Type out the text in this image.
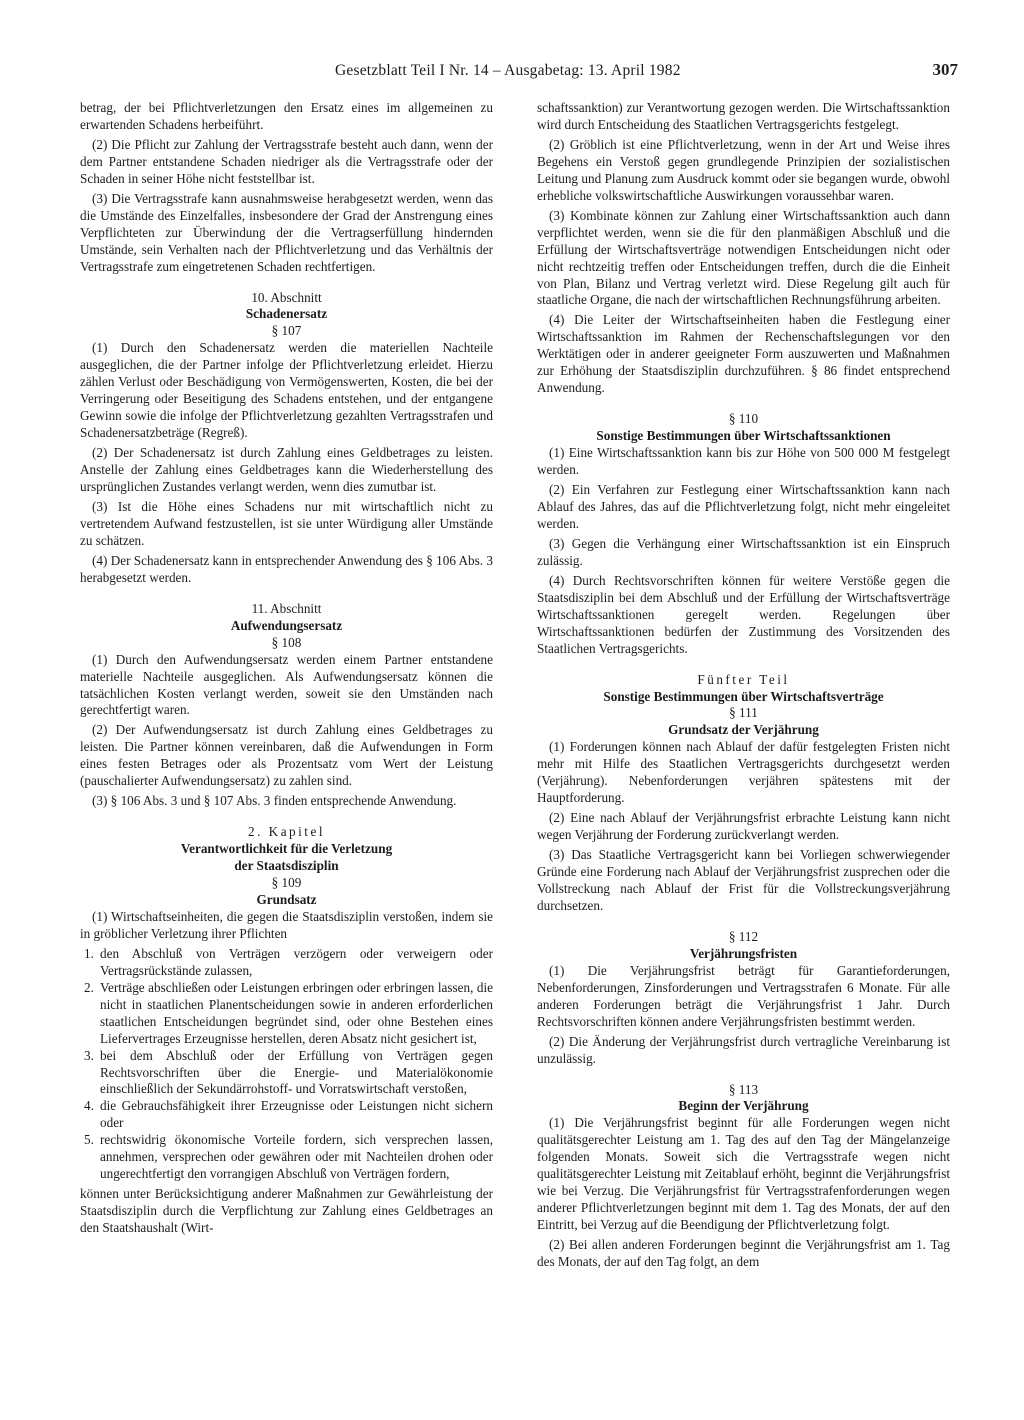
Gesetzblatt Teil I Nr. 14 – Ausgabetag: 13. April 1982	307

betrag, der bei Pflichtverletzungen den Ersatz eines im allgemeinen zu erwartenden Schadens herbeiführt.

(2) Die Pflicht zur Zahlung der Vertragsstrafe besteht auch dann, wenn der dem Partner entstandene Schaden niedriger als die Vertragsstrafe oder der Schaden in seiner Höhe nicht feststellbar ist.

(3) Die Vertragsstrafe kann ausnahmsweise herabgesetzt werden, wenn das die Umstände des Einzelfalles, insbesondere der Grad der Anstrengung eines Verpflichteten zur Überwindung der die Vertragserfüllung hindernden Umstände, sein Verhalten nach der Pflichtverletzung und das Verhältnis der Vertragsstrafe zum eingetretenen Schaden rechtfertigen.

10. Abschnitt

Schadenersatz

§ 107

(1) Durch den Schadenersatz werden die materiellen Nachteile ausgeglichen, die der Partner infolge der Pflichtverletzung erleidet. Hierzu zählen Verlust oder Beschädigung von Vermögenswerten, Kosten, die bei der Verringerung oder Beseitigung des Schadens entstehen, und der entgangene Gewinn sowie die infolge der Pflichtverletzung gezahlten Vertragsstrafen und Schadenersatzbeträge (Regreß).

(2) Der Schadenersatz ist durch Zahlung eines Geldbetrages zu leisten. Anstelle der Zahlung eines Geldbetrages kann die Wiederherstellung des ursprünglichen Zustandes verlangt werden, wenn dies zumutbar ist.

(3) Ist die Höhe eines Schadens nur mit wirtschaftlich nicht zu vertretendem Aufwand festzustellen, ist sie unter Würdigung aller Umstände zu schätzen.

(4) Der Schadenersatz kann in entsprechender Anwendung des § 106 Abs. 3 herabgesetzt werden.

11. Abschnitt

Aufwendungsersatz

§ 108

(1) Durch den Aufwendungsersatz werden einem Partner entstandene materielle Nachteile ausgeglichen. Als Aufwendungsersatz können die tatsächlichen Kosten verlangt werden, soweit sie den Umständen nach gerechtfertigt waren.

(2) Der Aufwendungsersatz ist durch Zahlung eines Geldbetrages zu leisten. Die Partner können vereinbaren, daß die Aufwendungen in Form eines festen Betrages oder als Prozentsatz vom Wert der Leistung (pauschalierter Aufwendungsersatz) zu zahlen sind.

(3) § 106 Abs. 3 und § 107 Abs. 3 finden entsprechende Anwendung.

2. Kapitel

Verantwortlichkeit für die Verletzung

der Staatsdisziplin

§ 109

Grundsatz

(1) Wirtschaftseinheiten, die gegen die Staatsdisziplin verstoßen, indem sie in gröblicher Verletzung ihrer Pflichten

1. den Abschluß von Verträgen verzögern oder verweigern oder Vertragsrückstände zulassen,
2. Verträge abschließen oder Leistungen erbringen oder erbringen lassen, die nicht in staatlichen Planentscheidungen sowie in anderen erforderlichen staatlichen Entscheidungen begründet sind, oder ohne Bestehen eines Liefervertrages Erzeugnisse herstellen, deren Absatz nicht gesichert ist,
3. bei dem Abschluß oder der Erfüllung von Verträgen gegen Rechtsvorschriften über die Energie- und Materialökonomie einschließlich der Sekundärrohstoff- und Vorratswirtschaft verstoßen,
4. die Gebrauchsfähigkeit ihrer Erzeugnisse oder Leistungen nicht sichern oder
5. rechtswidrig ökonomische Vorteile fordern, sich versprechen lassen, annehmen, versprechen oder gewähren oder mit Nachteilen drohen oder ungerechtfertigt den vorrangigen Abschluß von Verträgen fordern,

können unter Berücksichtigung anderer Maßnahmen zur Gewährleistung der Staatsdisziplin durch die Verpflichtung zur Zahlung eines Geldbetrages an den Staatshaushalt (Wirt-

schaftssanktion) zur Verantwortung gezogen werden. Die Wirtschaftssanktion wird durch Entscheidung des Staatlichen Vertragsgerichts festgelegt.

(2) Gröblich ist eine Pflichtverletzung, wenn in der Art und Weise ihres Begehens ein Verstoß gegen grundlegende Prinzipien der sozialistischen Leitung und Planung zum Ausdruck kommt oder sie begangen wurde, obwohl erhebliche volkswirtschaftliche Auswirkungen voraussehbar waren.

(3) Kombinate können zur Zahlung einer Wirtschaftssanktion auch dann verpflichtet werden, wenn sie die für den planmäßigen Abschluß und die Erfüllung der Wirtschaftsverträge notwendigen Entscheidungen nicht oder nicht rechtzeitig treffen oder Entscheidungen treffen, durch die die Einheit von Plan, Bilanz und Vertrag verletzt wird. Diese Regelung gilt auch für staatliche Organe, die nach der wirtschaftlichen Rechnungsführung arbeiten.

(4) Die Leiter der Wirtschaftseinheiten haben die Festlegung einer Wirtschaftssanktion im Rahmen der Rechenschaftslegungen vor den Werktätigen oder in anderer geeigneter Form auszuwerten und Maßnahmen zur Erhöhung der Staatsdisziplin durchzuführen. § 86 findet entsprechend Anwendung.

§ 110

Sonstige Bestimmungen über Wirtschaftssanktionen

(1) Eine Wirtschaftssanktion kann bis zur Höhe von 500 000 M festgelegt werden.

(2) Ein Verfahren zur Festlegung einer Wirtschaftssanktion kann nach Ablauf des Jahres, das auf die Pflichtverletzung folgt, nicht mehr eingeleitet werden.

(3) Gegen die Verhängung einer Wirtschaftssanktion ist ein Einspruch zulässig.

(4) Durch Rechtsvorschriften können für weitere Verstöße gegen die Staatsdisziplin bei dem Abschluß und der Erfüllung der Wirtschaftsverträge Wirtschaftssanktionen geregelt werden. Regelungen über Wirtschaftssanktionen bedürfen der Zustimmung des Vorsitzenden des Staatlichen Vertragsgerichts.

Fünfter Teil

Sonstige Bestimmungen über Wirtschaftsverträge

§ 111

Grundsatz der Verjährung

(1) Forderungen können nach Ablauf der dafür festgelegten Fristen nicht mehr mit Hilfe des Staatlichen Vertragsgerichts durchgesetzt werden (Verjährung). Nebenforderungen verjähren spätestens mit der Hauptforderung.

(2) Eine nach Ablauf der Verjährungsfrist erbrachte Leistung kann nicht wegen Verjährung der Forderung zurückverlangt werden.

(3) Das Staatliche Vertragsgericht kann bei Vorliegen schwerwiegender Gründe eine Forderung nach Ablauf der Verjährungsfrist zusprechen oder die Vollstreckung nach Ablauf der Frist für die Vollstreckungsverjährung durchsetzen.

§ 112

Verjährungsfristen

(1) Die Verjährungsfrist beträgt für Garantieforderungen, Nebenforderungen, Zinsforderungen und Vertragsstrafen 6 Monate. Für alle anderen Forderungen beträgt die Verjährungsfrist 1 Jahr. Durch Rechtsvorschriften können andere Verjährungsfristen bestimmt werden.

(2) Die Änderung der Verjährungsfrist durch vertragliche Vereinbarung ist unzulässig.

§ 113

Beginn der Verjährung

(1) Die Verjährungsfrist beginnt für alle Forderungen wegen nicht qualitätsgerechter Leistung am 1. Tag des auf den Tag der Mängelanzeige folgenden Monats. Soweit sich die Vertragsstrafe wegen nicht qualitätsgerechter Leistung mit Zeitablauf erhöht, beginnt die Verjährungsfrist wie bei Verzug. Die Verjährungsfrist für Vertragsstrafenforderungen wegen anderer Pflichtverletzungen beginnt mit dem 1. Tag des Monats, der auf den Eintritt, bei Verzug auf die Beendigung der Pflichtverletzung folgt.

(2) Bei allen anderen Forderungen beginnt die Verjährungsfrist am 1. Tag des Monats, der auf den Tag folgt, an dem
